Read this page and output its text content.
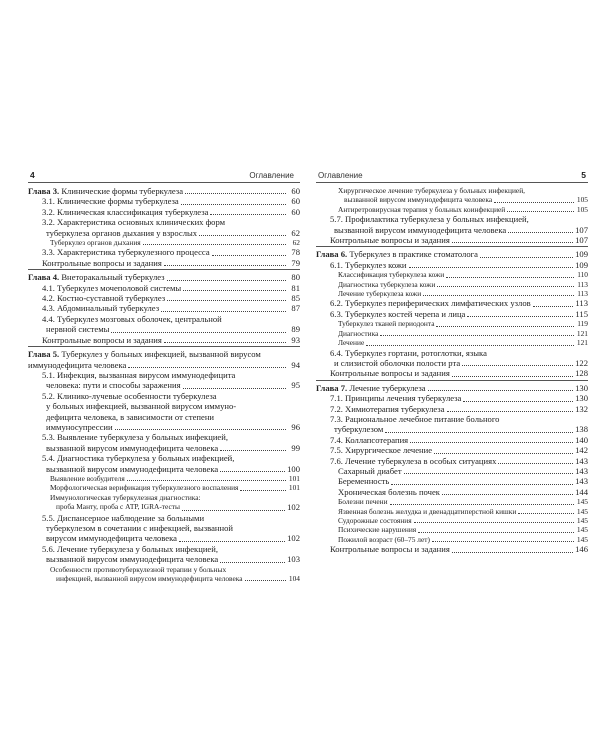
4	Оглавление
Глава 3. Клинические формы туберкулеза	60
3.1. Клинические формы туберкулеза	60
3.2. Клиническая классификация туберкулеза	60
3.2. Характеристика основных клинических форм
туберкулеза органов дыхания у взрослых	62
Туберкулез органов дыхания	62
3.3. Характеристика туберкулезного процесса	78
Контрольные вопросы и задания	79
Глава 4. Внеторакальный туберкулез	80
4.1. Туберкулез мочеполовой системы	81
4.2. Костно-суставной туберкулез	85
4.3. Абдоминальный туберкулез	87
4.4. Туберкулез мозговых оболочек, центральной
нервной системы	89
Контрольные вопросы и задания	93
Глава 5. Туберкулез у больных инфекцией, вызванной вирусом
иммунодефицита человека	94
5.1. Инфекция, вызванная вирусом иммунодефицита
человека: пути и способы заражения	95
5.2. Клинико-лучевые особенности туберкулеза
у больных инфекцией, вызванной вирусом иммуно-
дефицита человека, в зависимости от степени
иммуносупрессии	96
5.3. Выявление туберкулеза у больных инфекцией,
вызванной вирусом иммунодефицита человека	99
5.4. Диагностика туберкулеза у больных инфекцией,
вызванной вирусом иммунодефицита человека	100
Выявление возбудителя	101
Морфологическая верификация туберкулезного воспаления	101
Иммунологическая туберкулезная диагностика:
проба Манту, проба с АТР, IGRA-тесты	102
5.5. Диспансерное наблюдение за больными
туберкулезом в сочетании с инфекцией, вызванной
вирусом иммунодефицита человека	102
5.6. Лечение туберкулеза у больных инфекцией,
вызванной вирусом иммунодефицита человека	103
Особенности противотуберкулезной терапии у больных
инфекцией, вызванной вирусом иммунодефицита человека	104
Оглавление	5
Хирургическое лечение туберкулеза у больных инфекцией,
вызванной вирусом иммунодефицита человека	105
Антиретровирусная терапия у больных коинфекцией	105
5.7. Профилактика туберкулеза у больных инфекцией,
вызванной вирусом иммунодефицита человека	107
Контрольные вопросы и задания	107
Глава 6. Туберкулез в практике стоматолога	109
6.1. Туберкулез кожи	109
Классификация туберкулеза кожи	110
Диагностика туберкулеза кожи	113
Лечение туберкулеза кожи	113
6.2. Туберкулез периферических лимфатических узлов	113
6.3. Туберкулез костей черепа и лица	115
Туберкулез тканей периодонта	119
Диагностика	121
Лечение	121
6.4. Туберкулез гортани, ротоглотки, языка
и слизистой оболочки полости рта	122
Контрольные вопросы и задания	128
Глава 7. Лечение туберкулеза	130
7.1. Принципы лечения туберкулеза	130
7.2. Химиотерапия туберкулеза	132
7.3. Рациональное лечебное питание больного
туберкулезом	138
7.4. Коллапсотерапия	140
7.5. Хирургическое лечение	142
7.6. Лечение туберкулеза в особых ситуациях	143
Сахарный диабет	143
Беременность	143
Хроническая болезнь почек	144
Болезни печени	145
Язвенная болезнь желудка и двенадцатиперстной кишки	145
Судорожные состояния	145
Психические нарушения	145
Пожилой возраст (60–75 лет)	145
Контрольные вопросы и задания	146
